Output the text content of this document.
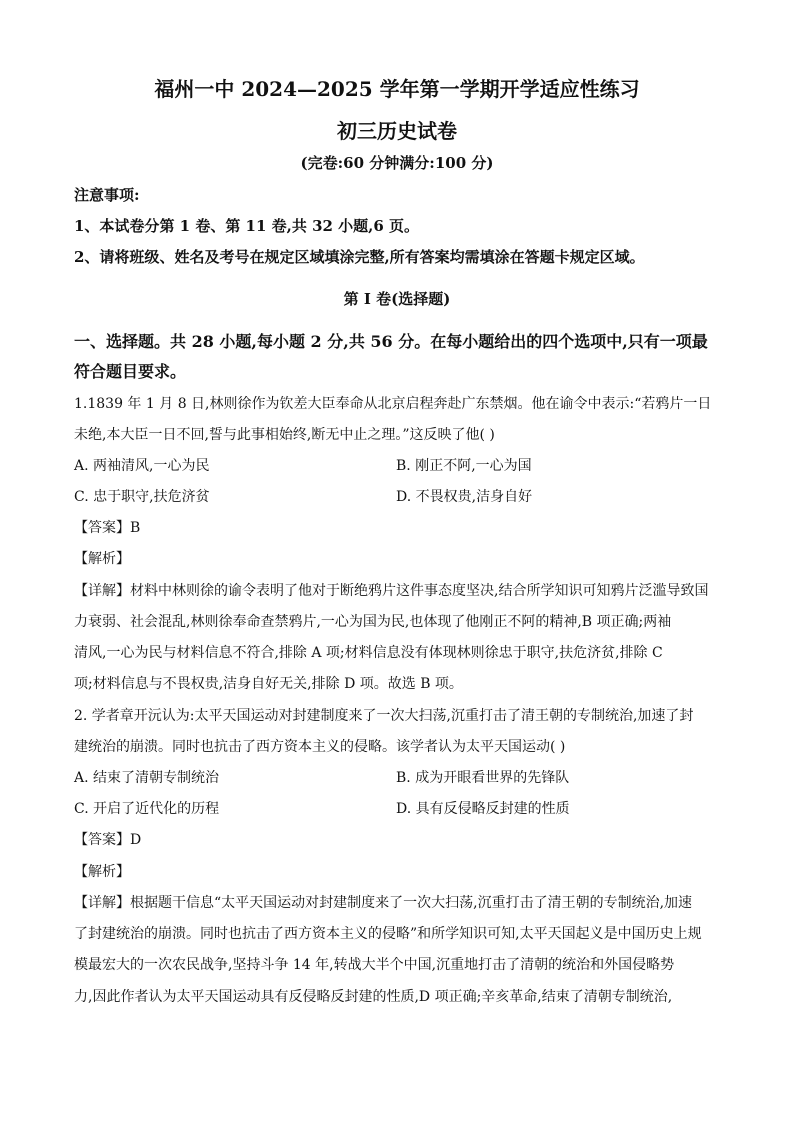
福州一中 2024—2025 学年第一学期开学适应性练习
初三历史试卷
(完卷:60 分钟满分:100 分)
注意事项:
1、本试卷分第 1 卷、第 11 卷,共 32 小题,6 页。
2、请将班级、姓名及考号在规定区域填涂完整,所有答案均需填涂在答题卡规定区域。
第 I 卷(选择题)
一、选择题。共 28 小题,每小题 2 分,共 56 分。在每小题给出的四个选项中,只有一项最
符合题目要求。
1.1839 年 1 月 8 日,林则徐作为钦差大臣奉命从北京启程奔赴广东禁烟。他在谕令中表示:“若鸦片一日
未绝,本大臣一日不回,誓与此事相始终,断无中止之理。”这反映了他( )
A. 两袖清风,一心为民	B. 刚正不阿,一心为国
C. 忠于职守,扶危济贫	D. 不畏权贵,洁身自好
【答案】B
【解析】
【详解】材料中林则徐的谕令表明了他对于断绝鸦片这件事态度坚决,结合所学知识可知鸦片泛滥导致国
力衰弱、社会混乱,林则徐奉命查禁鸦片,一心为国为民,也体现了他刚正不阿的精神,B 项正确;两袖
清风,一心为民与材料信息不符合,排除 A 项;材料信息没有体现林则徐忠于职守,扶危济贫,排除 C
项;材料信息与不畏权贵,洁身自好无关,排除 D 项。故选 B 项。
2. 学者章开沅认为:太平天国运动对封建制度来了一次大扫荡,沉重打击了清王朝的专制统治,加速了封
建统治的崩溃。同时也抗击了西方资本主义的侵略。该学者认为太平天国运动( )
A. 结束了清朝专制统治	B. 成为开眼看世界的先锋队
C. 开启了近代化的历程	D. 具有反侵略反封建的性质
【答案】D
【解析】
【详解】根据题干信息“太平天国运动对封建制度来了一次大扫荡,沉重打击了清王朝的专制统治,加速
了封建统治的崩溃。同时也抗击了西方资本主义的侵略”和所学知识可知,太平天国起义是中国历史上规
模最宏大的一次农民战争,坚持斗争 14 年,转战大半个中国,沉重地打击了清朝的统治和外国侵略势
力,因此作者认为太平天国运动具有反侵略反封建的性质,D 项正确;辛亥革命,结束了清朝专制统治,
